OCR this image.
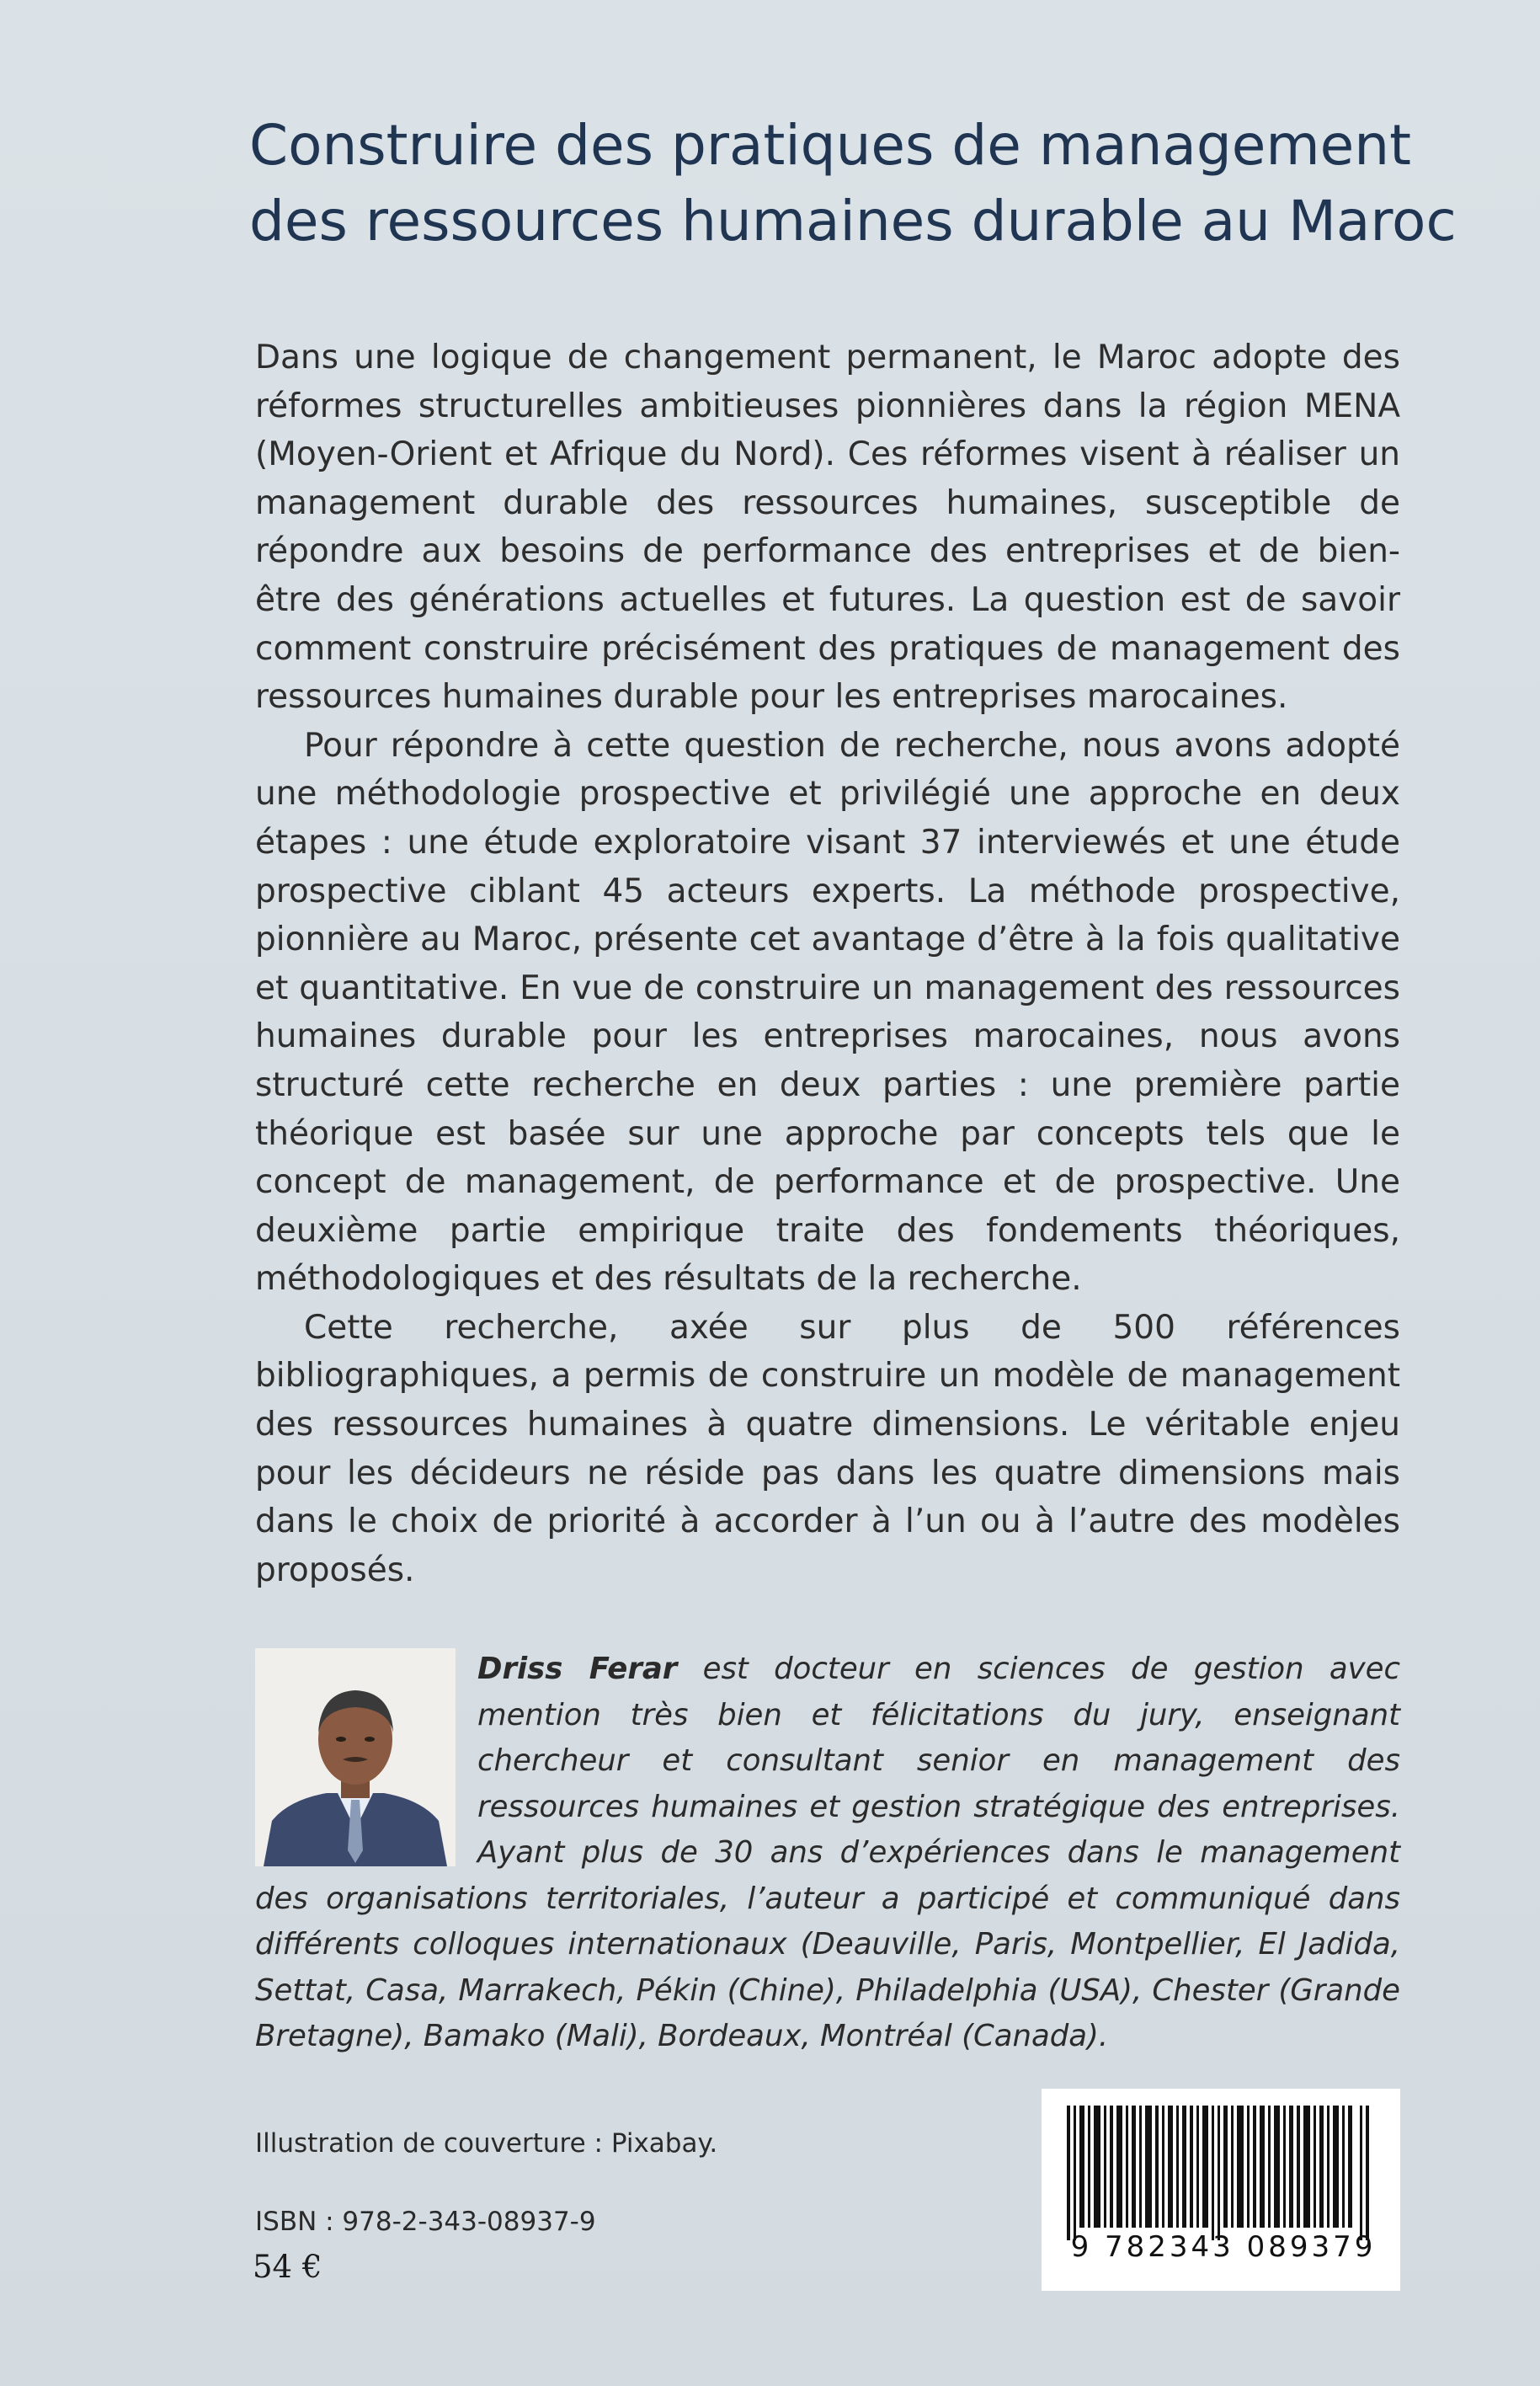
Construire des pratiques de management
des ressources humaines durable au Maroc

Dans une logique de changement permanent, le Maroc adopte des réformes structurelles ambitieuses pionnières dans la région MENA (Moyen-Orient et Afrique du Nord). Ces réformes visent à réaliser un management durable des ressources humaines, susceptible de répondre aux besoins de performance des entreprises et de bien-être des générations actuelles et futures. La question est de savoir comment construire précisément des pratiques de management des ressources humaines durable pour les entreprises marocaines.

Pour répondre à cette question de recherche, nous avons adopté une méthodologie prospective et privilégié une approche en deux étapes : une étude exploratoire visant 37 interviewés et une étude prospective ciblant 45 acteurs experts. La méthode prospective, pionnière au Maroc, présente cet avantage d’être à la fois qualitative et quantitative. En vue de construire un management des ressources humaines durable pour les entreprises marocaines, nous avons structuré cette recherche en deux parties : une première partie théorique est basée sur une approche par concepts tels que le concept de management, de performance et de prospective. Une deuxième partie empirique traite des fondements théoriques, méthodologiques et des résultats de la recherche.

Cette recherche, axée sur plus de 500 références bibliographiques, a permis de construire un modèle de management des ressources humaines à quatre dimensions. Le véritable enjeu pour les décideurs ne réside pas dans les quatre dimensions mais dans le choix de priorité à accorder à l’un ou à l’autre des modèles proposés.

Driss Ferar est docteur en sciences de gestion avec mention très bien et félicitations du jury, enseignant chercheur et consultant senior en management des ressources humaines et gestion stratégique des entreprises. Ayant plus de 30 ans d’expériences dans le management des organisations territoriales, l’auteur a participé et communiqué dans différents colloques internationaux (Deauville, Paris, Montpellier, El Jadida, Settat, Casa, Marrakech, Pékin (Chine), Philadelphia (USA), Chester (Grande Bretagne), Bamako (Mali), Bordeaux, Montréal (Canada).
Illustration de couverture : Pixabay.
ISBN : 978-2-343-08937-9
54 €
9 782343 089379
